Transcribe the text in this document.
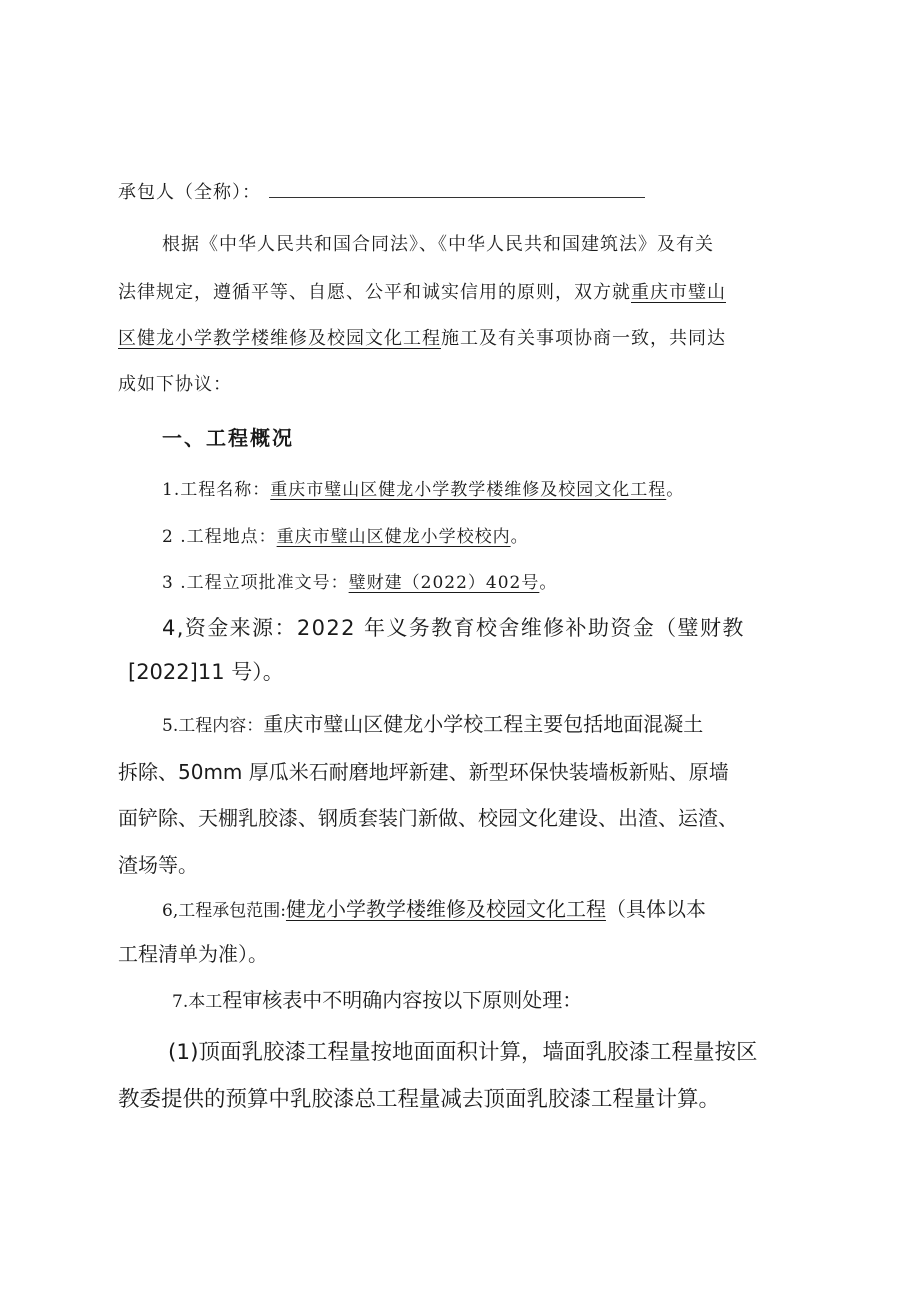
承包人（全称）：
根据《中华人民共和国合同法》、《中华人民共和国建筑法》及有关
法律规定，遵循平等、自愿、公平和诚实信用的原则，双方就重庆市璧山
区健龙小学教学楼维修及校园文化工程施工及有关事项协商一致，共同达
成如下协议：
一、工程概况
1.工程名称：重庆市璧山区健龙小学教学楼维修及校园文化工程。
2 .工程地点：重庆市璧山区健龙小学校校内。
3 .工程立项批准文号：璧财建（2022）402号。
4,资金来源：2022 年义务教育校舍维修补助资金（璧财教
[2022]11 号）。
5.工程内容：重庆市璧山区健龙小学校工程主要包括地面混凝土
拆除、50mm 厚瓜米石耐磨地坪新建、新型环保快装墙板新贴、原墙
面铲除、天棚乳胶漆、钢质套装门新做、校园文化建设、出渣、运渣、
渣场等。
6,工程承包范围:健龙小学教学楼维修及校园文化工程（具体以本
工程清单为准）。
7.本工程审核表中不明确内容按以下原则处理：
(1)顶面乳胶漆工程量按地面面积计算，墙面乳胶漆工程量按区
教委提供的预算中乳胶漆总工程量减去顶面乳胶漆工程量计算。
